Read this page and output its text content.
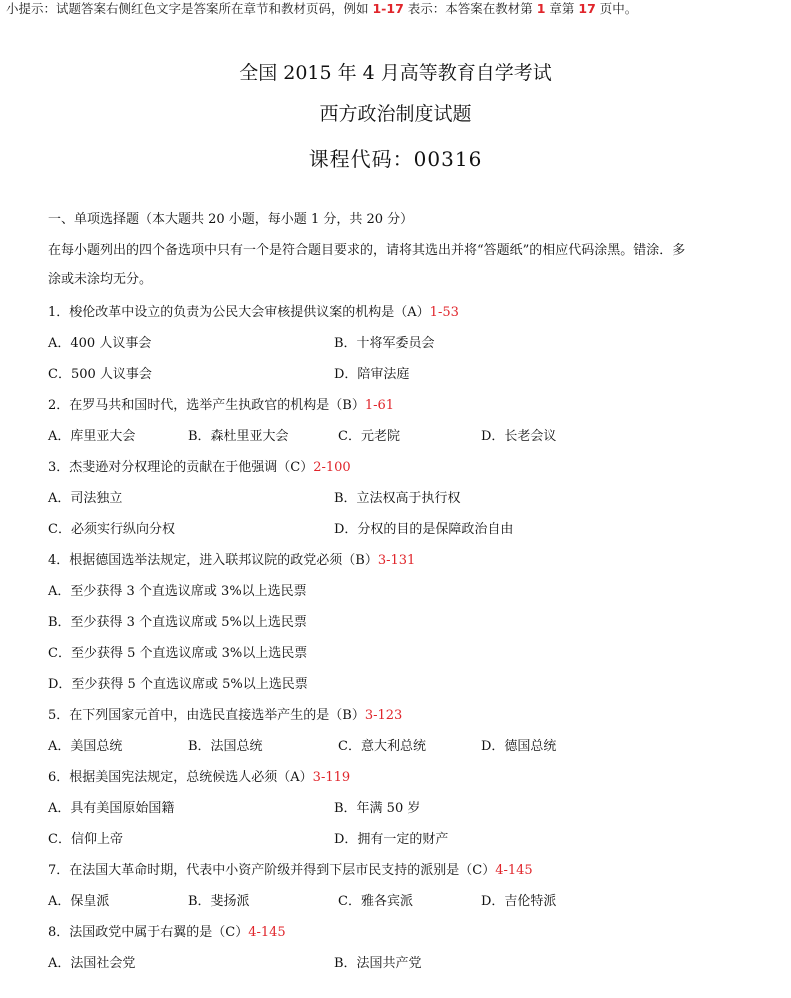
小提示：试题答案右侧红色文字是答案所在章节和教材页码，例如 1-17 表示：本答案在教材第 1 章第 17 页中。
全国 2015 年 4 月高等教育自学考试
西方政治制度试题
课程代码：00316
一、单项选择题（本大题共 20 小题，每小题 1 分，共 20 分）
在每小题列出的四个备选项中只有一个是符合题目要求的，请将其选出并将“答题纸”的相应代码涂黑。错涂．多
涂或未涂均无分。
1．梭伦改革中设立的负责为公民大会审核提供议案的机构是（A）1-53
A．400 人议事会	B．十将军委员会
C．500 人议事会	D．陪审法庭
2．在罗马共和国时代，选举产生执政官的机构是（B）1-61
A．库里亚大会	B．森杜里亚大会	C．元老院	D．长老会议
3．杰斐逊对分权理论的贡献在于他强调（C）2-100
A．司法独立	B．立法权高于执行权
C．必须实行纵向分权	D．分权的目的是保障政治自由
4．根据德国选举法规定，进入联邦议院的政党必须（B）3-131
A．至少获得 3 个直选议席或 3%以上选民票
B．至少获得 3 个直选议席或 5%以上选民票
C．至少获得 5 个直选议席或 3%以上选民票
D．至少获得 5 个直选议席或 5%以上选民票
5．在下列国家元首中，由选民直接选举产生的是（B）3-123
A．美国总统	B．法国总统	C．意大利总统	D．德国总统
6．根据美国宪法规定，总统候选人必须（A）3-119
A．具有美国原始国籍	B．年满 50 岁
C．信仰上帝	D．拥有一定的财产
7．在法国大革命时期，代表中小资产阶级并得到下层市民支持的派别是（C）4-145
A．保皇派	B．斐扬派	C．雅各宾派	D．吉伦特派
8．法国政党中属于右翼的是（C）4-145
A．法国社会党	B．法国共产党
